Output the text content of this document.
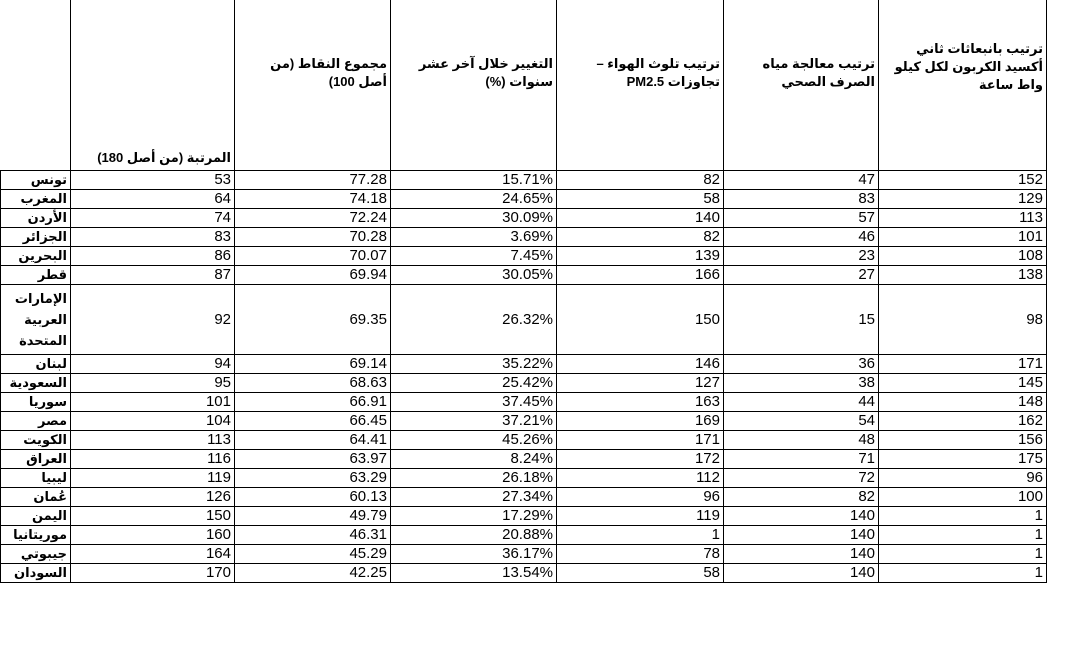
	المرتبة (من أصل 180)	مجموع النقاط (من أصل 100)	التغيير خلال آخر عشر سنوات (%)	ترتيب تلوث الهواء – تجاوزات PM2.5	ترتيب معالجة مياه الصرف الصحي	ترتيب بانبعاثات ثاني أكسيد الكربون لكل كيلو واط ساعة
تونس	53	77.28	15.71%	82	47	152
المغرب	64	74.18	24.65%	58	83	129
الأردن	74	72.24	30.09%	140	57	113
الجزائر	83	70.28	3.69%	82	46	101
البحرين	86	70.07	7.45%	139	23	108
قطر	87	69.94	30.05%	166	27	138
الإمارات العربية المتحدة	92	69.35	26.32%	150	15	98
لبنان	94	69.14	35.22%	146	36	171
السعودية	95	68.63	25.42%	127	38	145
سوريا	101	66.91	37.45%	163	44	148
مصر	104	66.45	37.21%	169	54	162
الكويت	113	64.41	45.26%	171	48	156
العراق	116	63.97	8.24%	172	71	175
ليبيا	119	63.29	26.18%	112	72	96
عُمان	126	60.13	27.34%	96	82	100
اليمن	150	49.79	17.29%	119	140	1
موريتانيا	160	46.31	20.88%	1	140	1
جيبوتي	164	45.29	36.17%	78	140	1
السودان	170	42.25	13.54%	58	140	1
